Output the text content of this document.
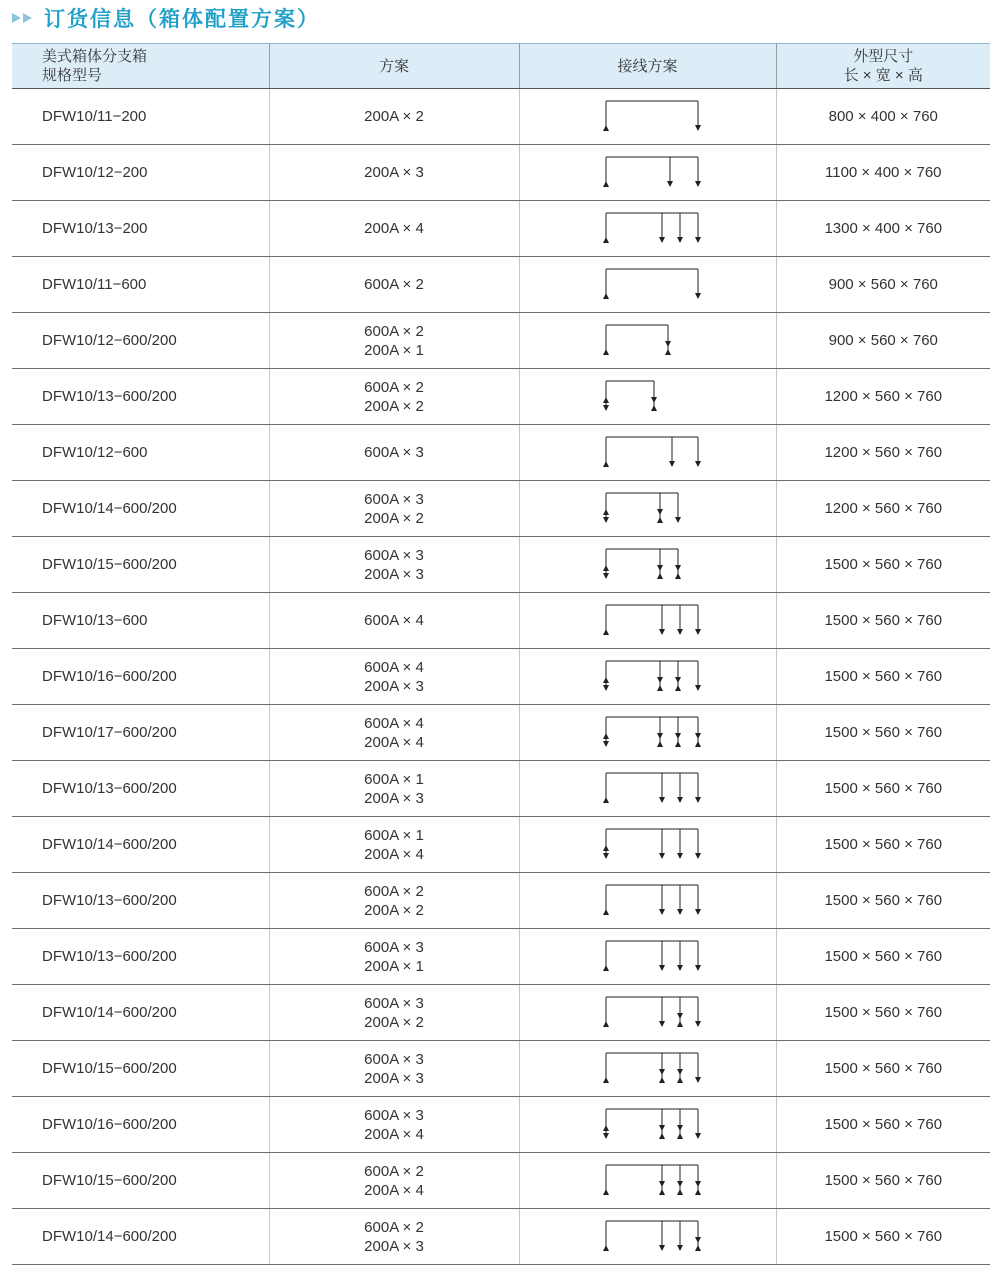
订货信息（箱体配置方案）
美式箱体分支箱
规格型号	方案	接线方案	外型尺寸
长 × 宽 × 高

DFW10/11−200	200A × 2		800 × 400 × 760
DFW10/12−200	200A × 3		1100 × 400 × 760
DFW10/13−200	200A × 4		1300 × 400 × 760
DFW10/11−600	600A × 2		900 × 560 × 760
DFW10/12−600/200	600A × 2
200A × 1		900 × 560 × 760
DFW10/13−600/200	600A × 2
200A × 2		1200 × 560 × 760
DFW10/12−600	600A × 3		1200 × 560 × 760
DFW10/14−600/200	600A × 3
200A × 2		1200 × 560 × 760
DFW10/15−600/200	600A × 3
200A × 3		1500 × 560 × 760
DFW10/13−600	600A × 4		1500 × 560 × 760
DFW10/16−600/200	600A × 4
200A × 3		1500 × 560 × 760
DFW10/17−600/200	600A × 4
200A × 4		1500 × 560 × 760
DFW10/13−600/200	600A × 1
200A × 3		1500 × 560 × 760
DFW10/14−600/200	600A × 1
200A × 4		1500 × 560 × 760
DFW10/13−600/200	600A × 2
200A × 2		1500 × 560 × 760
DFW10/13−600/200	600A × 3
200A × 1		1500 × 560 × 760
DFW10/14−600/200	600A × 3
200A × 2		1500 × 560 × 760
DFW10/15−600/200	600A × 3
200A × 3		1500 × 560 × 760
DFW10/16−600/200	600A × 3
200A × 4		1500 × 560 × 760
DFW10/15−600/200	600A × 2
200A × 4		1500 × 560 × 760
DFW10/14−600/200	600A × 2
200A × 3		1500 × 560 × 760
